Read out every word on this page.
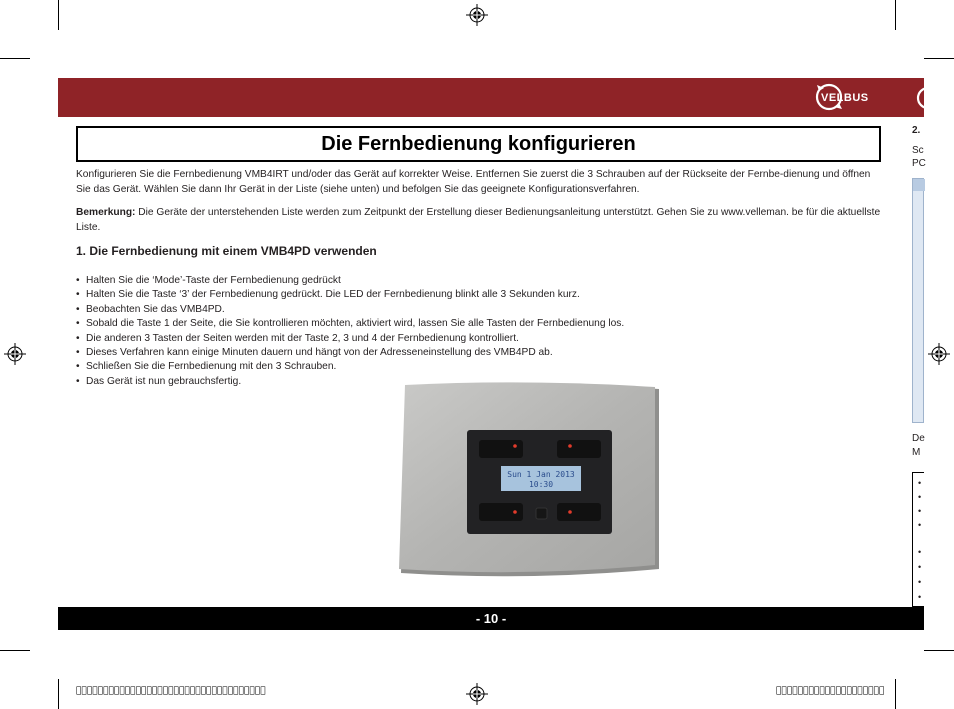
VELBUS
Die Fernbedienung konfigurieren
Konfigurieren Sie die Fernbedienung VMB4IRT und/oder das Gerät auf korrekter Weise. Entfernen Sie zuerst die 3 Schrauben auf der Rückseite der Fernbe-dienung und öffnen Sie das Gerät. Wählen Sie dann Ihr Gerät in der Liste (siehe unten) und befolgen Sie das geeignete Konfigurationsverfahren.
Bemerkung: Die Geräte der unterstehenden Liste werden zum Zeitpunkt der Erstellung dieser Bedienungsanleitung unterstützt. Gehen Sie zu www.velleman. be für die aktuellste Liste.
1. Die Fernbedienung mit einem VMB4PD verwenden
• Halten Sie die ‘Mode’-Taste der Fernbedienung gedrückt
• Halten Sie die Taste ‘3’ der Fernbedienung gedrückt. Die LED der Fernbedienung blinkt alle 3 Sekunden kurz.
• Beobachten Sie das VMB4PD.
• Sobald die Taste 1 der Seite, die Sie kontrollieren möchten, aktiviert wird, lassen Sie alle Tasten der Fernbedienung los.
• Die anderen 3 Tasten der Seiten werden mit der Taste 2, 3 und 4 der Fernbedienung kontrolliert.
• Dieses Verfahren kann einige Minuten dauern und hängt von der Adresseneinstellung des VMB4PD ab.
• Schließen Sie die Fernbedienung mit den 3 Schrauben.
• Das Gerät ist nun gebrauchsfertig.
Sun 1 Jan 2013
10:30
- 10 -
2.
Sc
PC
De
M
•
•
•
•
•
•
•
•
                                   	                    
